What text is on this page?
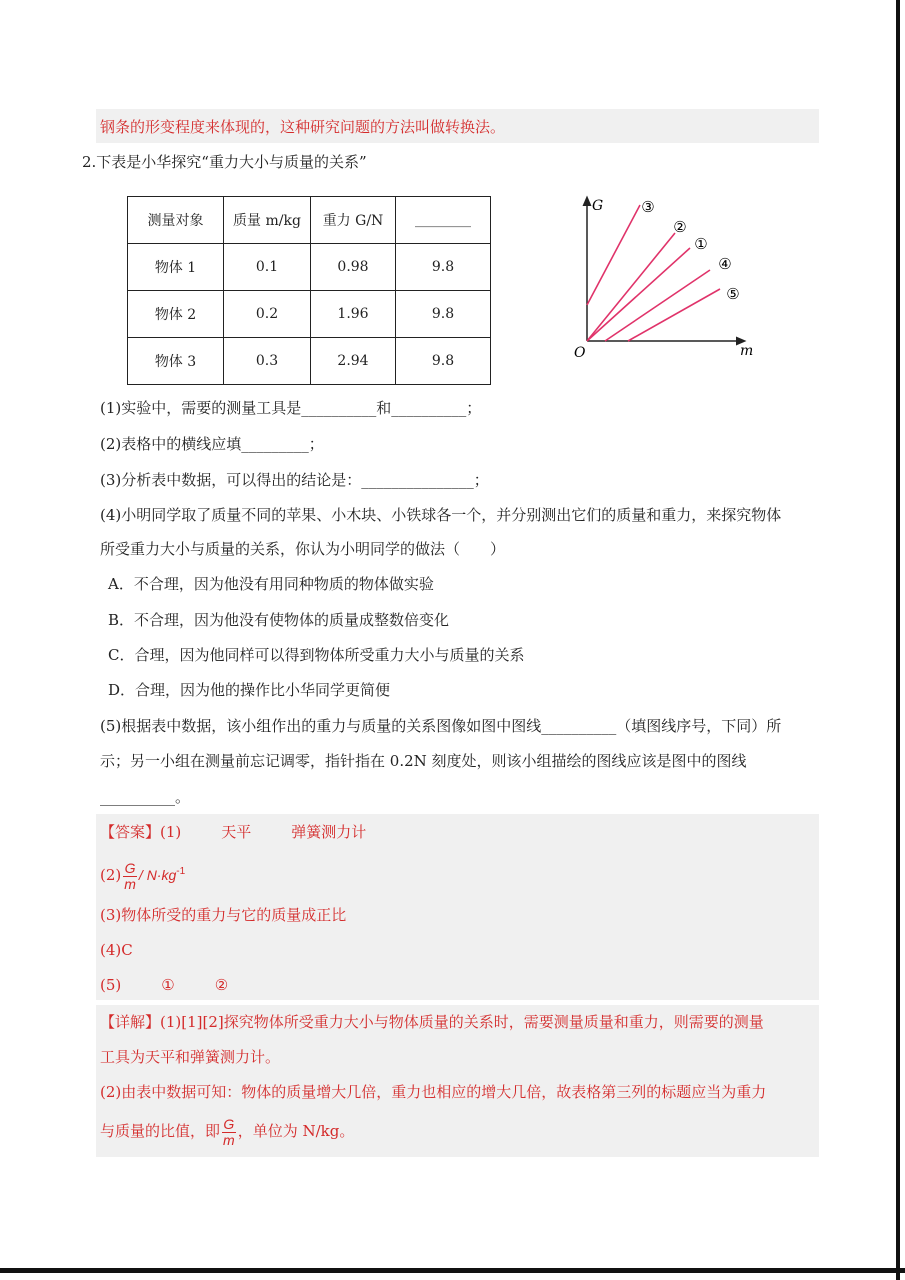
钢条的形变程度来体现的，这种研究问题的方法叫做转换法。
2.下表是小华探究“重力大小与质量的关系”
测量对象	质量 m/kg	重力 G/N	________
物体 1	0.1	0.98	9.8
物体 2	0.2	1.96	9.8
物体 3	0.3	2.94	9.8
G
m
O
③
②
①
④
⑤
(1)实验中，需要的测量工具是__________和__________；
(2)表格中的横线应填_________；
(3)分析表中数据，可以得出的结论是：_______________；
(4)小明同学取了质量不同的苹果、小木块、小铁球各一个，并分别测出它们的质量和重力，来探究物体
所受重力大小与质量的关系，你认为小明同学的做法（　　）
A．不合理，因为他没有用同种物质的物体做实验
B．不合理，因为他没有使物体的质量成整数倍变化
C．合理，因为他同样可以得到物体所受重力大小与质量的关系
D．合理，因为他的操作比小华同学更简便
(5)根据表中数据，该小组作出的重力与质量的关系图像如图中图线__________（填图线序号，下同）所
示；另一小组在测量前忘记调零，指针指在 0.2N 刻度处，则该小组描绘的图线应该是图中的图线
__________。
【答案】(1)	天平	弹簧测力计
$(2) \frac{G}{m} / N\cdot kg^{-1}$
(3)物体所受的重力与它的质量成正比
(4)C
(5)	①	②
【详解】(1)[1][2]探究物体所受重力大小与物体质量的关系时，需要测量质量和重力，则需要的测量
工具为天平和弹簧测力计。
(2)由表中数据可知：物体的质量增大几倍，重力也相应的增大几倍，故表格第三列的标题应当为重力
与质量的比值，即 $\frac{G}{m}$ ，单位为 N/kg。
